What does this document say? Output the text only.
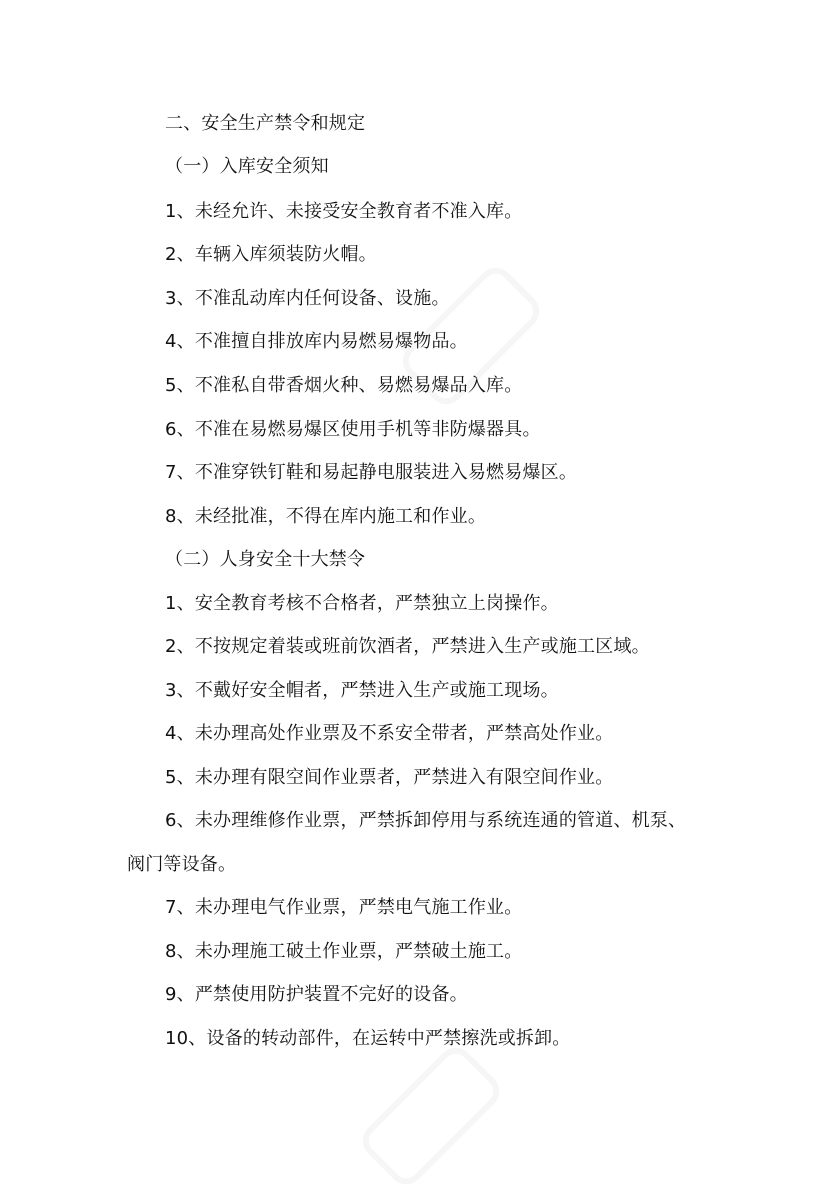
二、安全生产禁令和规定
（一）入库安全须知
1、未经允许、未接受安全教育者不准入库。
2、车辆入库须装防火帽。
3、不准乱动库内任何设备、设施。
4、不准擅自排放库内易燃易爆物品。
5、不准私自带香烟火种、易燃易爆品入库。
6、不准在易燃易爆区使用手机等非防爆器具。
7、不准穿铁钉鞋和易起静电服装进入易燃易爆区。
8、未经批准，不得在库内施工和作业。
（二）人身安全十大禁令
1、安全教育考核不合格者，严禁独立上岗操作。
2、不按规定着装或班前饮酒者，严禁进入生产或施工区域。
3、不戴好安全帽者，严禁进入生产或施工现场。
4、未办理高处作业票及不系安全带者，严禁高处作业。
5、未办理有限空间作业票者，严禁进入有限空间作业。
6、未办理维修作业票，严禁拆卸停用与系统连通的管道、机泵、
阀门等设备。
7、未办理电气作业票，严禁电气施工作业。
8、未办理施工破土作业票，严禁破土施工。
9、严禁使用防护装置不完好的设备。
10、设备的转动部件，在运转中严禁擦洗或拆卸。
